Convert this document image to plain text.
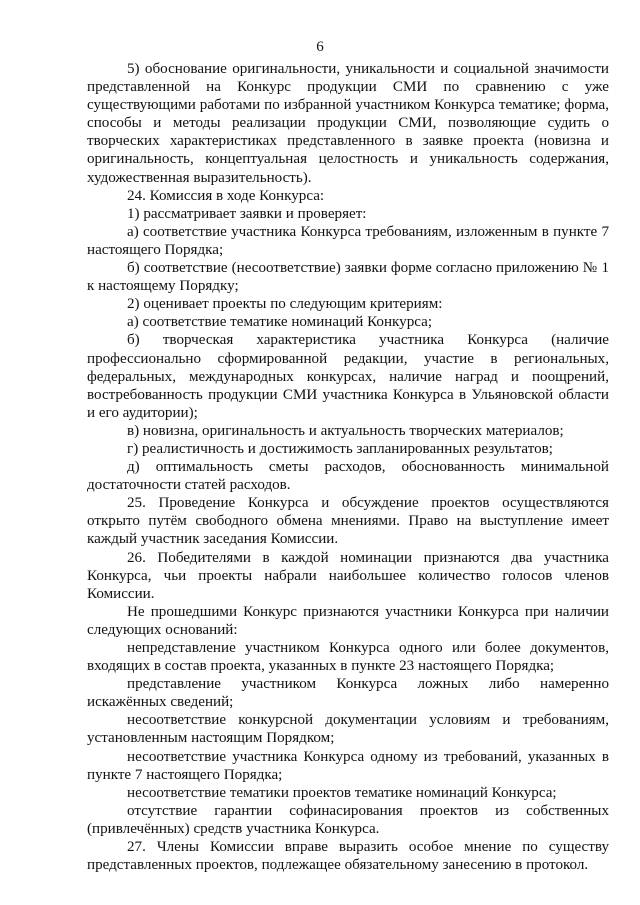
6

5) обоснование оригинальности, уникальности и социальной значимости представленной на Конкурс продукции СМИ по сравнению с уже существующими работами по избранной участником Конкурса тематике; форма, способы и методы реализации продукции СМИ, позволяющие судить о творческих характеристиках представленного в заявке проекта (новизна и оригинальность, концептуальная целостность и уникальность содержания, художественная выразительность).

24. Комиссия в ходе Конкурса:

1) рассматривает заявки и проверяет:

а) соответствие участника Конкурса требованиям, изложенным в пункте 7 настоящего Порядка;

б) соответствие (несоответствие) заявки форме согласно приложению № 1 к настоящему Порядку;

2) оценивает проекты по следующим критериям:

а) соответствие тематике номинаций Конкурса;

б) творческая характеристика участника Конкурса (наличие профессионально сформированной редакции, участие в региональных, федеральных, международных конкурсах, наличие наград и поощрений, востребованность продукции СМИ участника Конкурса в Ульяновской области и его аудитории);

в) новизна, оригинальность и актуальность творческих материалов;

г) реалистичность и достижимость запланированных результатов;

д) оптимальность сметы расходов, обоснованность минимальной достаточности статей расходов.

25. Проведение Конкурса и обсуждение проектов осуществляются открыто путём свободного обмена мнениями. Право на выступление имеет каждый участник заседания Комиссии.

26. Победителями в каждой номинации признаются два участника Конкурса, чьи проекты набрали наибольшее количество голосов членов Комиссии.

Не прошедшими Конкурс признаются участники Конкурса при наличии следующих оснований:

непредставление участником Конкурса одного или более документов, входящих в состав проекта, указанных в пункте 23 настоящего Порядка;

представление участником Конкурса ложных либо намеренно искажённых сведений;

несоответствие конкурсной документации условиям и требованиям, установленным настоящим Порядком;

несоответствие участника Конкурса одному из требований, указанных в пункте 7 настоящего Порядка;

несоответствие тематики проектов тематике номинаций Конкурса;

отсутствие гарантии софинасирования проектов из собственных (привлечённых) средств участника Конкурса.

27. Члены Комиссии вправе выразить особое мнение по существу представленных проектов, подлежащее обязательному занесению в протокол.
